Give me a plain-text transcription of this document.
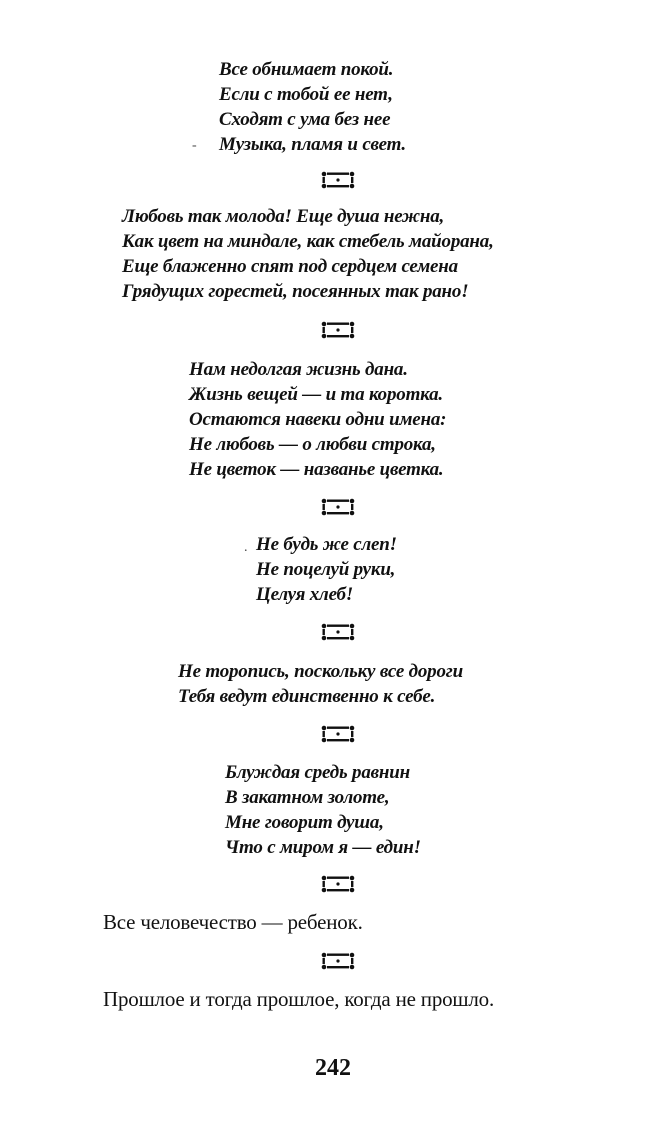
-
Все обнимает покой.
Если с тобой ее нет,
Сходят с ума без нее
Музыка, пламя и свет.
Любовь так молода! Еще душа нежна,
Как цвет на миндале, как стебель майорана,
Еще блаженно спят под сердцем семена
Грядущих горестей, посеянных так рано!
Нам недолгая жизнь дана.
Жизнь вещей — и та коротка.
Остаются навеки одни имена:
Не любовь — о любви строка,
Не цветок — названье цветка.
. Не будь же слеп!
Не поцелуй руки,
Целуя хлеб!
Не торопись, поскольку все дороги
Тебя ведут единственно к себе.
Блуждая средь равнин
В закатном золоте,
Мне говорит душа,
Что с миром я — един!
Все человечество — ребенок.
Прошлое и тогда прошлое, когда не прошло.
242
